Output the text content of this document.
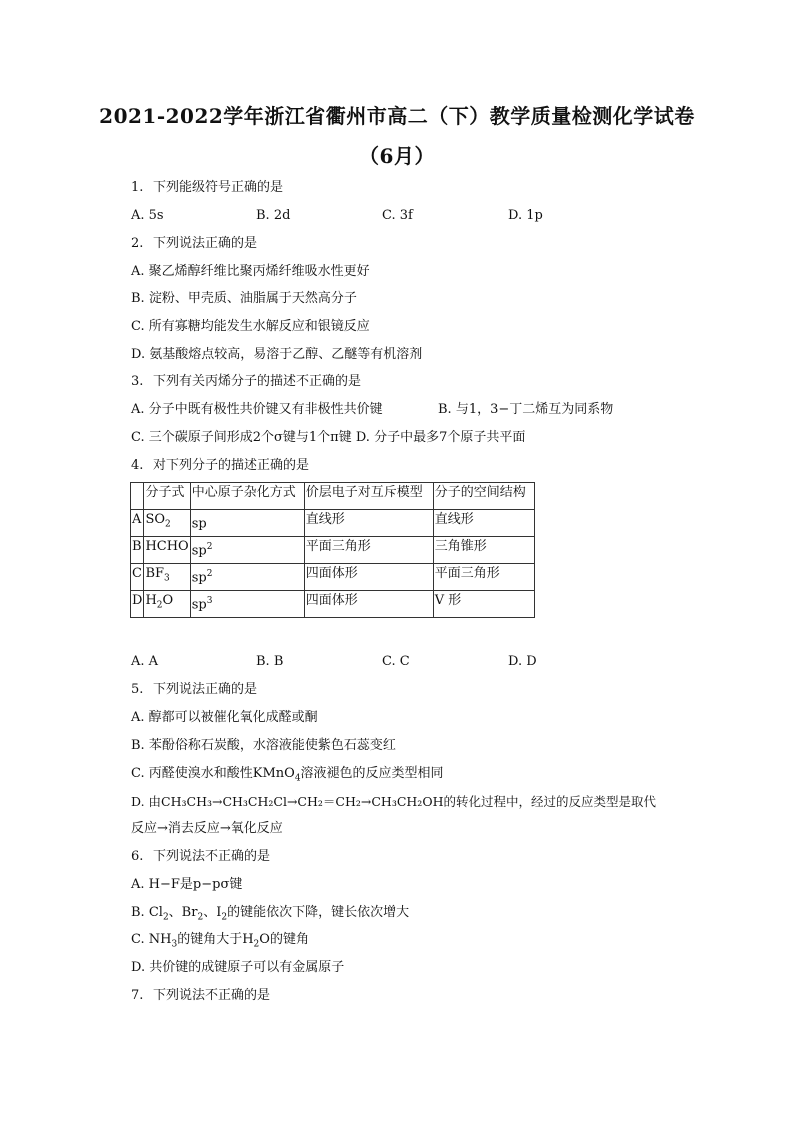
2021-2022学年浙江省衢州市高二（下）教学质量检测化学试卷
（6月）
1. 下列能级符号正确的是
A. 5s	B. 2d	C. 3f	D. 1p
2. 下列说法正确的是
A. 聚乙烯醇纤维比聚丙烯纤维吸水性更好
B. 淀粉、甲壳质、油脂属于天然高分子
C. 所有寡糖均能发生水解反应和银镜反应
D. 氨基酸熔点较高，易溶于乙醇、乙醚等有机溶剂
3. 下列有关丙烯分子的描述不正确的是
A. 分子中既有极性共价键又有非极性共价键	B. 与1，3−丁二烯互为同系物
C. 三个碳原子间形成2个σ键与1个π键 D. 分子中最多7个原子共平面
4. 对下列分子的描述正确的是
	分子式	中心原子杂化方式	价层电子对互斥模型	分子的空间结构
A	$SO_2$	sp	直线形	直线形
B	HCHO	$sp^2$	平面三角形	三角锥形
C	$BF_3$	$sp^2$	四面体形	平面三角形
D	$H_2O$	$sp^3$	四面体形	V 形
A. A	B. B	C. C	D. D
5. 下列说法正确的是
A. 醇都可以被催化氧化成醛或酮
B. 苯酚俗称石炭酸，水溶液能使紫色石蕊变红
C. 丙醛使溴水和酸性KMnO$_4$溶液褪色的反应类型相同
D. 由CH₃CH₃→CH₃CH₂Cl→CH₂＝CH₂→CH₃CH₂OH的转化过程中，经过的反应类型是取代
反应→消去反应→氧化反应
6. 下列说法不正确的是
A. H−F是p−pσ键
B. $Cl_2$、$Br_2$、$I_2$的键能依次下降，键长依次增大
C. $NH_3$的键角大于$H_2O$的键角
D. 共价键的成键原子可以有金属原子
7. 下列说法不正确的是
